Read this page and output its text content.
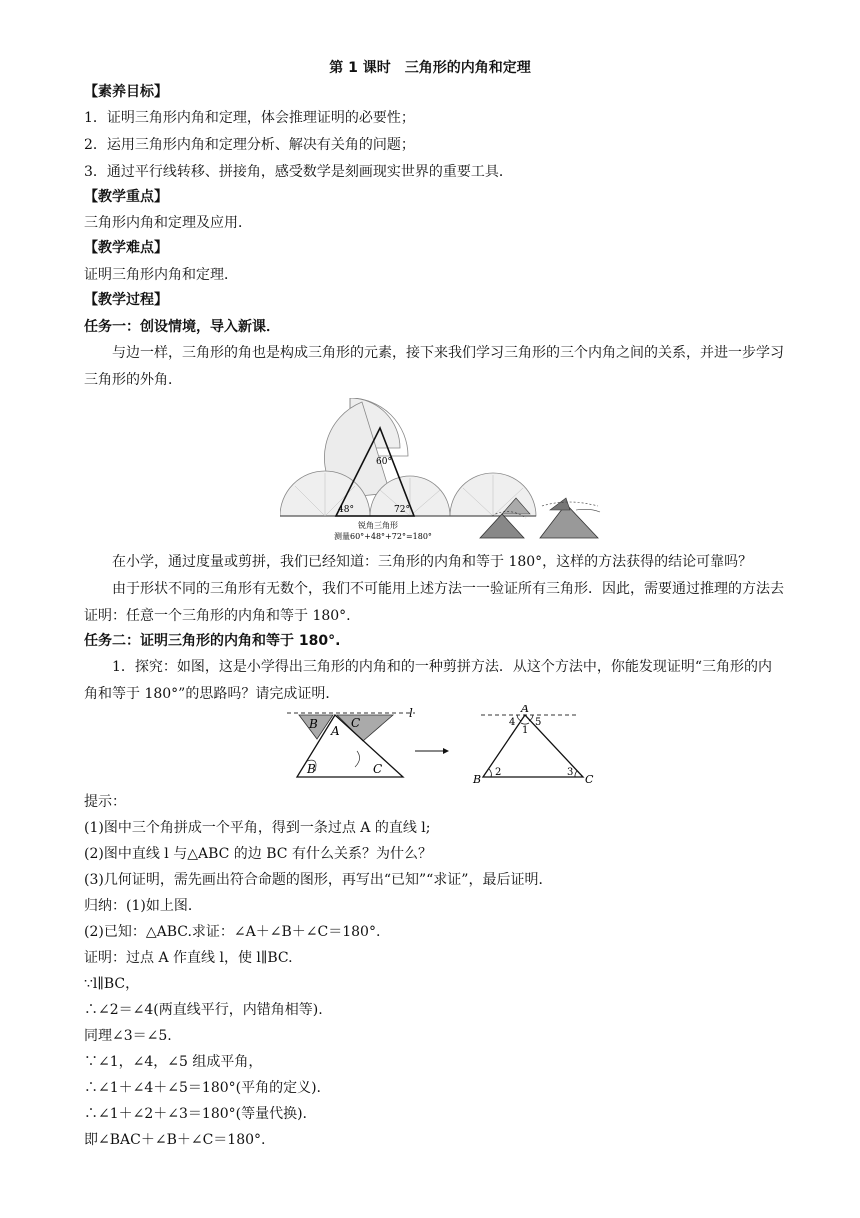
第 1 课时　三角形的内角和定理
【素养目标】
1．证明三角形内角和定理，体会推理证明的必要性；
2．运用三角形内角和定理分析、解决有关角的问题；
3．通过平行线转移、拼接角，感受数学是刻画现实世界的重要工具．
【教学重点】
三角形内角和定理及应用．
【教学难点】
证明三角形内角和定理．
【教学过程】
任务一：创设情境，导入新课．

与边一样，三角形的角也是构成三角形的元素，接下来我们学习三角形的三个内角之间的关系，并进一步学习三角形的外角．

60°
48°	72°
锐角三角形
测量60°+48°+72°=180°

在小学，通过度量或剪拼，我们已经知道：三角形的内角和等于 180°，这样的方法获得的结论可靠吗？

由于形状不同的三角形有无数个，我们不可能用上述方法一一验证所有三角形．因此，需要通过推理的方法去证明：任意一个三角形的内角和等于 180°.

任务二：证明三角形的内角和等于 180°.

1．探究：如图，这是小学得出三角形的内角和的一种剪拼方法．从这个方法中，你能发现证明“三角形的内角和等于 180°”的思路吗？请完成证明．

B A
C
B	C
l	A
4
1
5
B
2	3
C
提示：
(1)图中三个角拼成一个平角，得到一条过点 A 的直线 l;
(2)图中直线 l 与△ABC 的边 BC 有什么关系？为什么？
(3)几何证明，需先画出符合命题的图形，再写出“已知”“求证”，最后证明．
归纳：(1)如上图．
(2)已知：△ABC.求证：∠A＋∠B＋∠C＝180°.
证明：过点 A 作直线 l，使 l∥BC.
∵l∥BC，
∴∠2＝∠4(两直线平行，内错角相等).
同理∠3＝∠5.
∵∠1，∠4，∠5 组成平角，
∴∠1＋∠4＋∠5＝180°(平角的定义).
∴∠1＋∠2＋∠3＝180°(等量代换).
即∠BAC＋∠B＋∠C＝180°.
